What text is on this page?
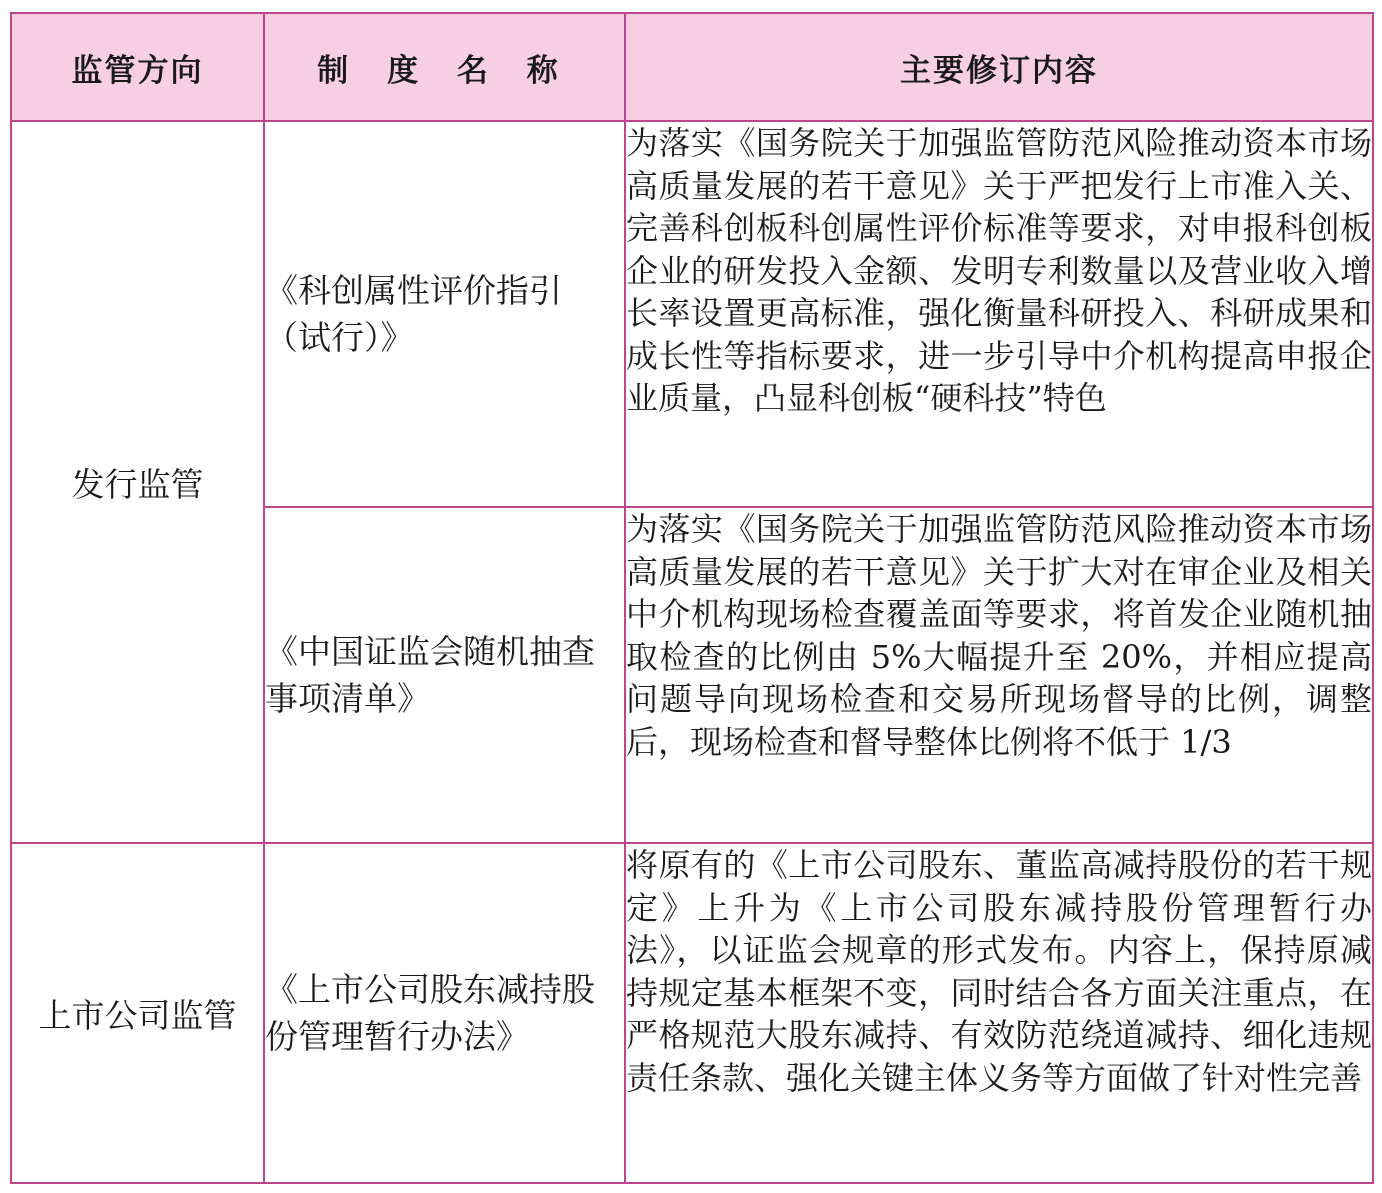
监管方向	制 度 名 称	主要修订内容
发行监管	《科创属性评价指引（试行）》	为落实《国务院关于加强监管防范风险推动资本市场高质量发展的若干意见》关于严把发行上市准入关、完善科创板科创属性评价标准等要求，对申报科创板企业的研发投入金额、发明专利数量以及营业收入增长率设置更高标准，强化衡量科研投入、科研成果和成长性等指标要求，进一步引导中介机构提高申报企业质量，凸显科创板“硬科技”特色
	《中国证监会随机抽查事项清单》	为落实《国务院关于加强监管防范风险推动资本市场高质量发展的若干意见》关于扩大对在审企业及相关中介机构现场检查覆盖面等要求，将首发企业随机抽取检查的比例由 5%大幅提升至 20%，并相应提高问题导向现场检查和交易所现场督导的比例，调整后，现场检查和督导整体比例将不低于 1/3
上市公司监管	《上市公司股东减持股份管理暂行办法》	将原有的《上市公司股东、董监高减持股份的若干规定》上升为《上市公司股东减持股份管理暂行办法》，以证监会规章的形式发布。内容上，保持原减持规定基本框架不变，同时结合各方面关注重点，在严格规范大股东减持、有效防范绕道减持、细化违规责任条款、强化关键主体义务等方面做了针对性完善
